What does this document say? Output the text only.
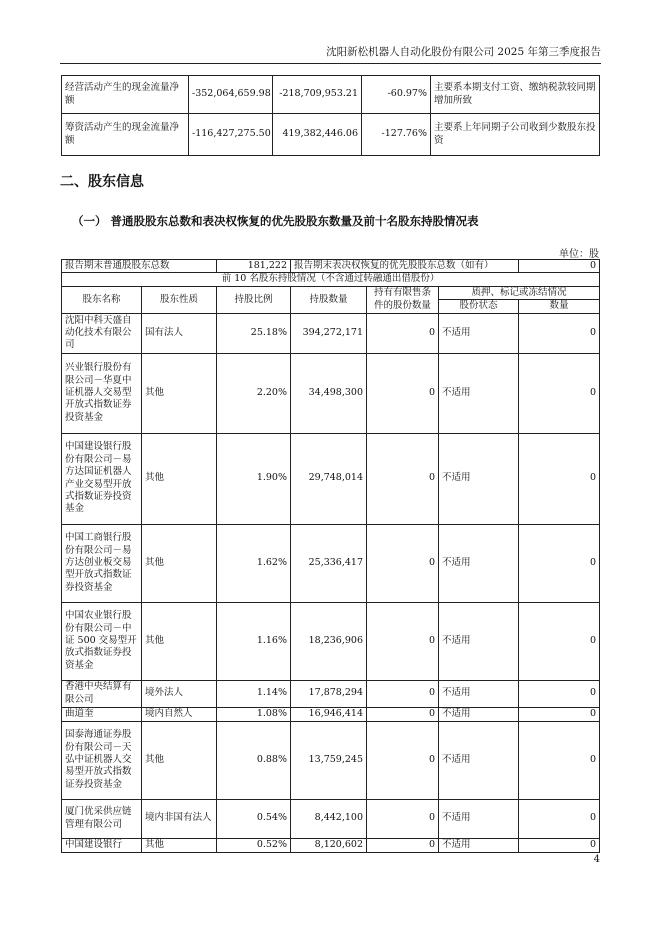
沈阳新松机器人自动化股份有限公司 2025 年第三季度报告
经营活动产生的现金流量净额	-352,064,659.98	-218,709,953.21	-60.97%	主要系本期支付工资、缴纳税款较同期增加所致
筹资活动产生的现金流量净额	-116,427,275.50	419,382,446.06	-127.76%	主要系上年同期子公司收到少数股东投资
二、股东信息
（一） 普通股股东总数和表决权恢复的优先股股东数量及前十名股东持股情况表
单位：股
报告期末普通股股东总数		181,222	报告期末表决权恢复的优先股股东总数（如有）			0
前 10 名股东持股情况（不含通过转融通出借股份）						
股东名称	股东性质	持股比例	持股数量	持有有限售条件的股份数量	质押、标记或冻结情况	
					股份状态	数量
沈阳中科天盛自动化技术有限公司	国有法人	25.18%	394,272,171	0	不适用	0
兴业银行股份有限公司－华夏中证机器人交易型开放式指数证券投资基金	其他	2.20%	34,498,300	0	不适用	0
中国建设银行股份有限公司－易方达国证机器人产业交易型开放式指数证券投资基金	其他	1.90%	29,748,014	0	不适用	0
中国工商银行股份有限公司－易方达创业板交易型开放式指数证券投资基金	其他	1.62%	25,336,417	0	不适用	0
中国农业银行股份有限公司－中证 500 交易型开放式指数证券投资基金	其他	1.16%	18,236,906	0	不适用	0
香港中央结算有限公司	境外法人	1.14%	17,878,294	0	不适用	0
曲道奎	境内自然人	1.08%	16,946,414	0	不适用	0
国泰海通证券股份有限公司－天弘中证机器人交易型开放式指数证券投资基金	其他	0.88%	13,759,245	0	不适用	0
厦门优采供应链管理有限公司	境内非国有法人	0.54%	8,442,100	0	不适用	0
中国建设银行	其他	0.52%	8,120,602	0	不适用	0
4
